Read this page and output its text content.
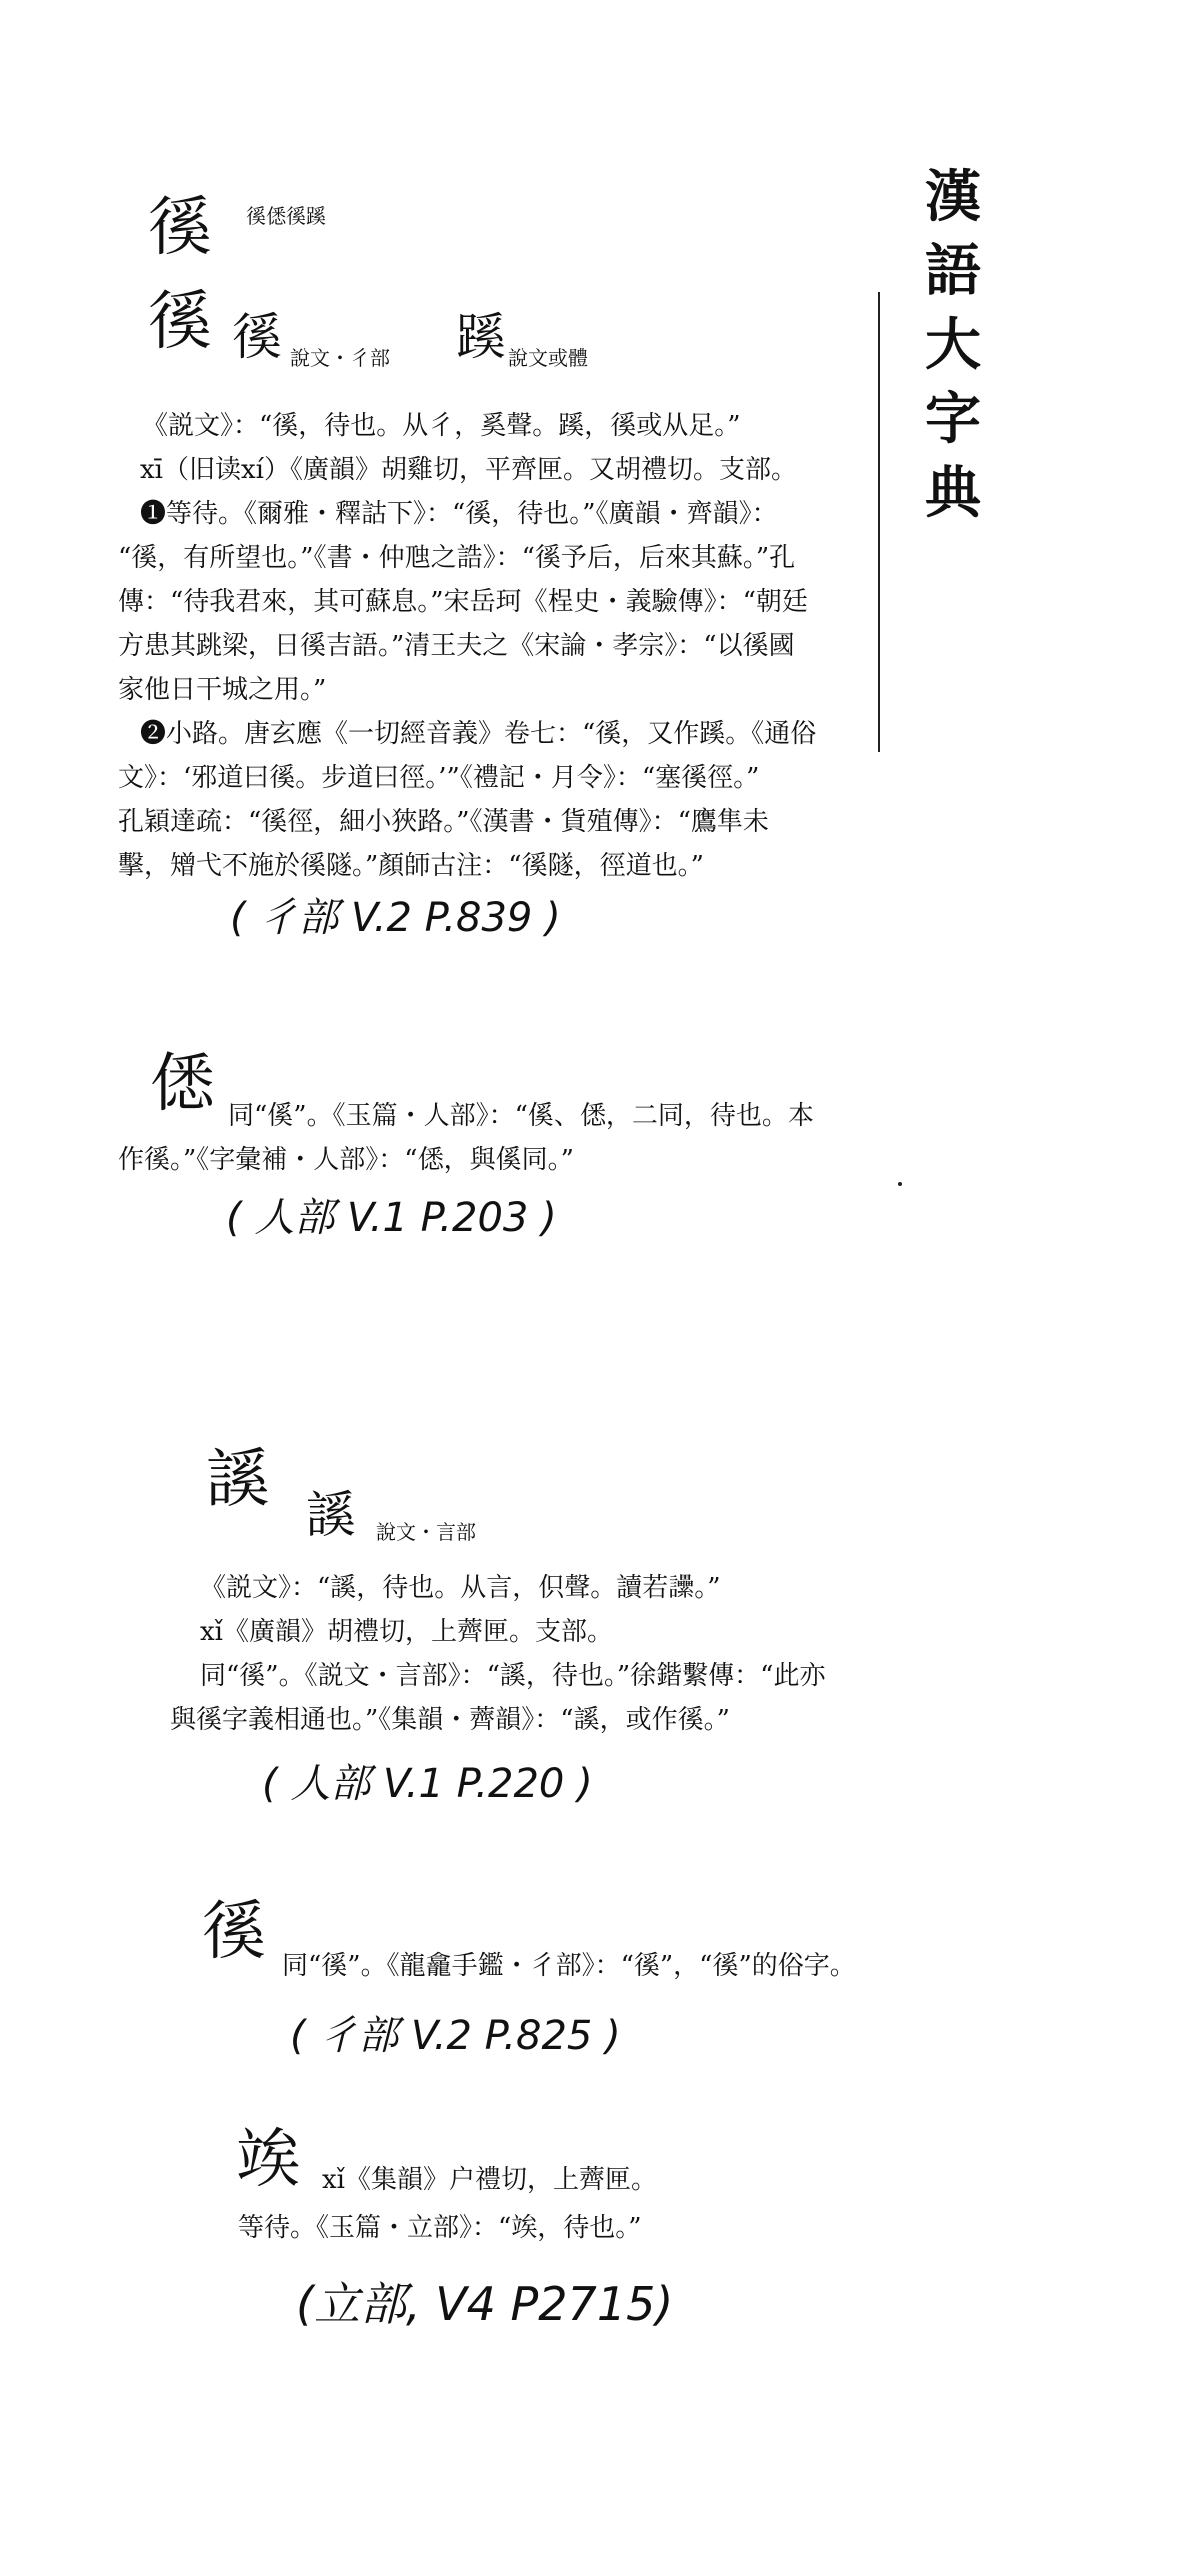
漢
語
大
字
典
徯 徯僁徯蹊
徯 徯 說文・彳部 蹊 說文或體
《説文》：“徯，待也。从彳，奚聲。蹊，徯或从足。”
xī（旧读xí）《廣韻》胡雞切，平齊匣。又胡禮切。支部。
❶等待。《爾雅・釋詁下》：“徯，待也。”《廣韻・齊韻》：
“徯，有所望也。”《書・仲虺之誥》：“徯予后，后來其蘇。”孔
傳：“待我君來，其可蘇息。”宋岳珂《桯史・義驗傳》：“朝廷
方患其跳梁，日徯吉語。”清王夫之《宋論・孝宗》：“以徯國
家他日干城之用。”
❷小路。唐玄應《一切經音義》卷七：“徯，又作蹊。《通俗
文》：‘邪道曰徯。步道曰徑。’”《禮記・月令》：“塞徯徑。”
孔穎達疏：“徯徑，細小狹路。”《漢書・貨殖傳》：“鷹隼未
擊，矰弋不施於徯隧。”顏師古注：“徯隧，徑道也。”
( 彳部 V.2 P.839 )
僁 同“傒”。《玉篇・人部》：“傒、僁，二同，待也。本
作徯。”《字彙補・人部》：“僁，與傒同。”
( 人部 V.1 P.203 )
謑 謑 說文・言部
《説文》：“謑，待也。从言，伿聲。讀若𧮢。”
xǐ《廣韻》胡禮切，上薺匣。支部。
同“徯”。《説文・言部》：“謑，待也。”徐鍇繫傳：“此亦
與徯字義相通也。”《集韻・薺韻》：“謑，或作徯。”
( 人部 V.1 P.220 )
徯 同“徯”。《龍龕手鑑・彳部》：“徯”，“徯”的俗字。
( 彳部 V.2 P.825 )
竢 xǐ《集韻》户禮切，上薺匣。
等待。《玉篇・立部》：“竢，待也。”
(立部, V4 P2715)
